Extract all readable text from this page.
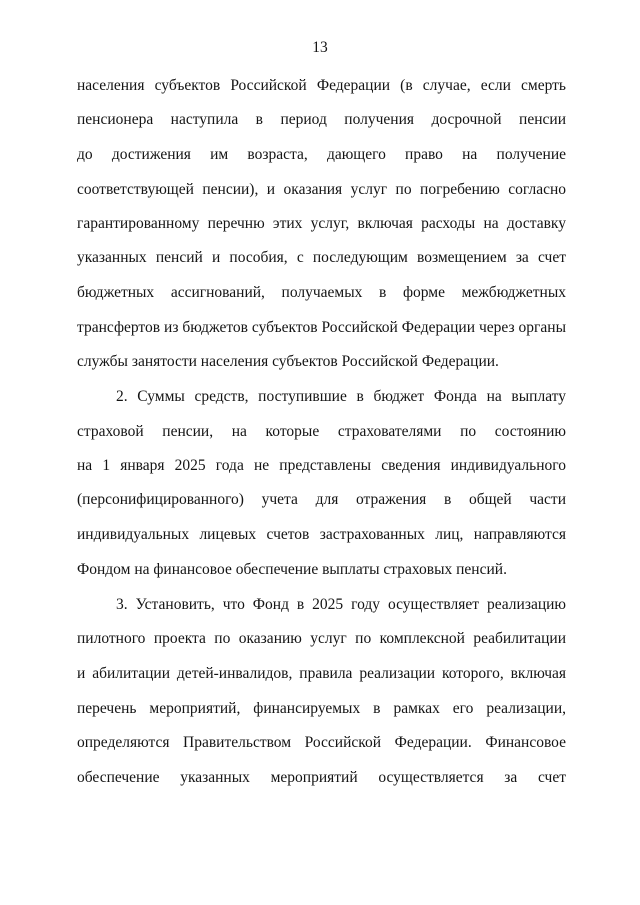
13
населения субъектов Российской Федерации (в случае, если смерть
пенсионера наступила в период получения досрочной пенсии
до достижения им возраста, дающего право на получение
соответствующей пенсии), и оказания услуг по погребению согласно
гарантированному перечню этих услуг, включая расходы на доставку
указанных пенсий и пособия, с последующим возмещением за счет
бюджетных ассигнований, получаемых в форме межбюджетных
трансфертов из бюджетов субъектов Российской Федерации через органы
службы занятости населения субъектов Российской Федерации.
2. Суммы средств, поступившие в бюджет Фонда на выплату
страховой пенсии, на которые страхователями по состоянию
на 1 января 2025 года не представлены сведения индивидуального
(персонифицированного) учета для отражения в общей части
индивидуальных лицевых счетов застрахованных лиц, направляются
Фондом на финансовое обеспечение выплаты страховых пенсий.
3. Установить, что Фонд в 2025 году осуществляет реализацию
пилотного проекта по оказанию услуг по комплексной реабилитации
и абилитации детей-инвалидов, правила реализации которого, включая
перечень мероприятий, финансируемых в рамках его реализации,
определяются Правительством Российской Федерации. Финансовое
обеспечение указанных мероприятий осуществляется за счет
